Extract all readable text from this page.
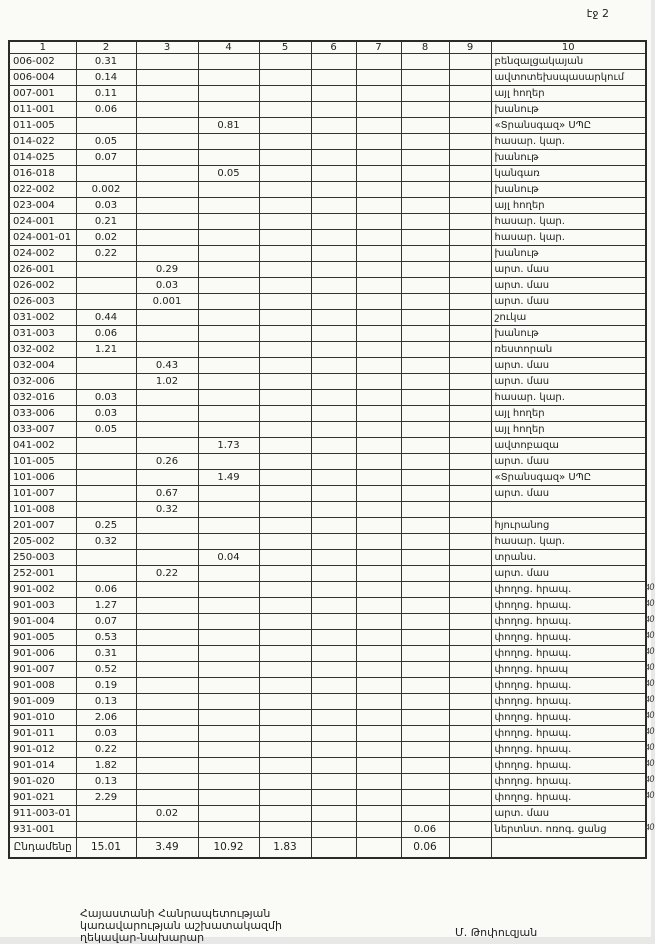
էջ 2
1	2	3	4	5	6	7	8	9	10
006-002	0.31								բենզալցակայան
006-004	0.14								ավտոտեխսպասարկում
007-001	0.11								այլ հողեր
011-001	0.06								խանութ
011-005			0.81						«Տրանսգազ» ՍՊԸ
014-022	0.05								հասար. կար.
014-025	0.07								խանութ
016-018			0.05						կանգառ
022-002	0.002								խանութ
023-004	0.03								այլ հողեր
024-001	0.21								հասար. կար.
024-001-01	0.02								հասար. կար.
024-002	0.22								խանութ
026-001		0.29							արտ. մաս
026-002		0.03							արտ. մաս
026-003		0.001							արտ. մաս
031-002	0.44								շուկա
031-003	0.06								խանութ
032-002	1.21								ռեստորան
032-004		0.43							արտ. մաս
032-006		1.02							արտ. մաս
032-016	0.03								հասար. կար.
033-006	0.03								այլ հողեր
033-007	0.05								այլ հողեր
041-002			1.73						ավտոբազա
101-005		0.26							արտ. մաս
101-006			1.49						«Տրանսգազ» ՍՊԸ
101-007		0.67							արտ. մաս
101-008		0.32							
201-007	0.25								հյուրանոց
205-002	0.32								հասար. կար.
250-003			0.04						տրանս.
252-001		0.22							արտ. մաս
901-002	0.06								փողոց. հրապ. 40

901-003	1.27								փողոց. հրապ. 40

901-004	0.07								փողոց. հրապ. 40

901-005	0.53								փողոց. հրապ. 40

901-006	0.31								փողոց. հրապ. 40

901-007	0.52								փողոց. հրապ 40

901-008	0.19								փողոց. հրապ. 40

901-009	0.13								փողոց. հրապ. 40

901-010	2.06								փողոց. հրապ. 40

901-011	0.03								փողոց. հրապ. 40

901-012	0.22								փողոց. հրապ. 40

901-014	1.82								փողոց. հրապ. 40

901-020	0.13								փողոց. հրապ. 40

901-021	2.29								փողոց. հրապ. 40

911-003-01		0.02							արտ. մաս
931-001							0.06		ներտնտ. ոռոգ. ցանց 40

Ընդամենը	15.01	3.49	10.92	1.83			0.06		
Հայաստանի Հանրապետության
կառավարության աշխատակազմի
ղեկավար-նախարար	Մ. Թոփուզյան
